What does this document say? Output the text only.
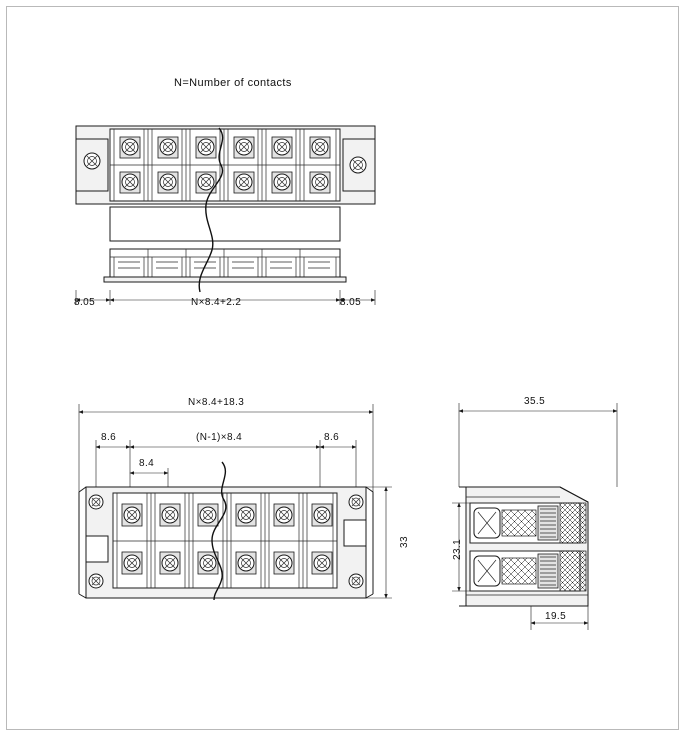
N=Number of contacts
8.05	N×8.4+2.2	8.05
N×8.4+18.3
8.6	(N-1)×8.4	8.6
8.4
33
35.5
23.1
19.5
